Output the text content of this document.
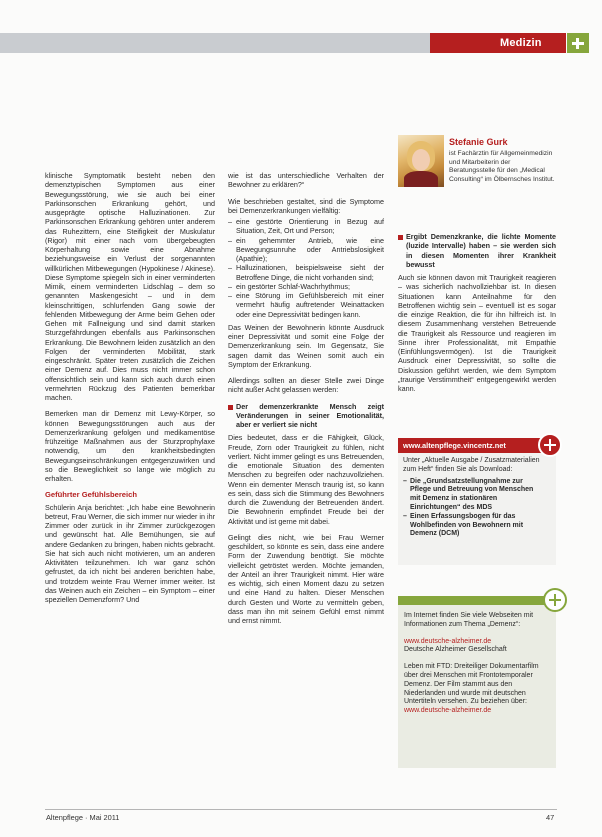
Medizin
Stefanie Gurk
ist Fachärztin für Allgemeinmedizin und Mitarbeiterin der Beratungsstelle für den „Medical Consulting“ im Ölbernsches Institut.

klinische Symptomatik besteht neben den demenztypischen Symptomen aus einer Bewegungsstörung, wie sie auch bei einer Parkinsonschen Erkrankung gehört, und ausgeprägte optische Halluzinationen. Zur Parkinsonschen Erkrankung gehören unter anderem das Ruhezittern, eine Steifigkeit der Muskulatur (Rigor) mit einer nach vorn übergebeugten Körperhaltung sowie eine Abnahme beziehungsweise ein Verlust der sorgenannten willkürlichen Mitbewegungen (Hypokinese / Akinese). Diese Symptome spiegeln sich in einer verminderten Mimik, einem verminderten Lidschlag – dem so genannten Maskengesicht – und in dem kleinschrittigen, schlurfenden Gang sowie der fehlenden Mitbewegung der Arme beim Gehen oder Gehen mit Fallneigung und sind damit starken Sturzgefährdungen ebenfalls aus Parkinsonschen Erkrankung. Die Bewohnern leiden zusätzlich an den Folgen der verminderten Mobilität, stark eingeschränkt. Später treten zusätzlich die Zeichen einer Demenz auf. Dies muss nicht immer schon offensichtlich sein und kann sich auch durch einen vermehrten Rückzug des Patienten bemerkbar machen.

Bemerken man dir Demenz mit Lewy-Körper, so können Bewegungsstörungen auch aus der Demenzerkrankung gefolgen und medikamentöse frühzeitige Maßnahmen aus der Sturzprophylaxe notwendig, um den krankheitsbedingten Bewegungseinschränkungen entgegenzuwirken und so die Beweglichkeit so lange wie möglich zu erhalten.

Geführter Gefühlsbereich

Schülerin Anja berichtet: „Ich habe eine Bewohnerin betreut, Frau Werner, die sich immer nur wieder in ihr Zimmer oder zurück in ihr Zimmer zurückgezogen und gewünscht hat. Alle Bemühungen, sie auf andere Gedanken zu bringen, haben nichts gebracht. Sie hat sich auch nicht motivieren, um an anderen Aktivitäten teilzunehmen. Ich war ganz schön gefrustet, da ich nicht bei anderen berichten habe, und trotzdem weinte Frau Werner immer weiter. Ist das Weinen auch ein Zeichen – ein Symptom – einer speziellen Demenzform? Und

wie ist das unterschiedliche Verhalten der Bewohner zu erklären?“

Wie beschrieben gestaltet, sind die Symptome bei Demenzerkrankungen vielfältig:

– eine gestörte Orientierung in Bezug auf Situation, Zeit, Ort und Person;
– ein gehemmter Antrieb, wie eine Bewegungsunruhe oder Antriebslosigkeit (Apathie);
– Halluzinationen, beispielsweise sieht der Betroffene Dinge, die nicht vorhanden sind;
– ein gestörter Schlaf-Wachrhythmus;
– eine Störung im Gefühlsbereich mit einer vermehrt häufig auftretender Weinattacken oder eine Depressivität bedingen kann.

Das Weinen der Bewohnerin könnte Ausdruck einer Depressivität und somit eine Folge der Demenzerkrankung sein. Im Gegensatz, Sie sagen damit das Weinen somit auch ein Symptom der Erkrankung.

Allerdings sollten an dieser Stelle zwei Dinge nicht außer Acht gelassen werden:

Der demenzerkrankte Mensch zeigt Veränderungen in seiner Emotionalität, aber er verliert sie nicht

Dies bedeutet, dass er die Fähigkeit, Glück, Freude, Zorn oder Traurigkeit zu fühlen, nicht verliert. Nicht immer gelingt es uns Betreuenden, die emotionale Situation des dementen Menschen zu begreifen oder nachzuvollziehen. Wenn ein dementer Mensch traurig ist, so kann es sein, dass sich die Stimmung des Bewohners durch die Zuwendung der Betreuenden ändert. Die Bewohnerin empfindet Freude bei der Aktivität und ist gerne mit dabei.

Gelingt dies nicht, wie bei Frau Werner geschildert, so könnte es sein, dass eine andere Form der Zuwendung benötigt. Sie möchte vielleicht getröstet werden. Möchte jemanden, der Anteil an ihrer Traurigkeit nimmt. Hier wäre es wichtig, sich einen Moment dazu zu setzen und eine Hand zu halten. Dieser Menschen durch Gesten und Worte zu vermitteln geben, dass man ihn mit seinem Gefühl ernst nimmt und ernst nimmt.

Ergibt Demenzkranke, die lichte Momente (luzide Intervalle) haben – sie werden sich in diesen Momenten ihrer Krankheit bewusst

Auch sie können davon mit Traurigkeit reagieren – was sicherlich nachvollziehbar ist. In diesen Situationen kann Anteilnahme für den Betroffenen wichtig sein – eventuell ist es sogar die einzige Reaktion, die für ihn hilfreich ist. In diesem Zusammenhang verstehen Betreuende die Traurigkeit als Ressource und reagieren im Sinne ihrer Professionalität, mit Empathie (Einfühlungsvermögen). Ist die Traurigkeit Ausdruck einer Depressivität, so sollte die Diskussion geführt werden, wie dem Symptom „traurige Verstimmtheit“ entgegengewirkt werden kann.

www.altenpflege.vincentz.net
Unter „Aktuelle Ausgabe / Zusatzmaterialien zum Heft“ finden Sie als Download:
– Die „Grundsatzstellungnahme zur Pflege und Betreuung von Menschen mit Demenz in stationären Einrichtungen“ des MDS
– Einen Erfassungsbogen für das Wohlbefinden von Bewohnern mit Demenz (DCM)

Im Internet finden Sie viele Webseiten mit Informationen zum Thema „Demenz“:

www.deutsche-alzheimer.de

Deutsche Alzheimer Gesellschaft

Leben mit FTD: Dreiteiliger Dokumentarfilm über drei Menschen mit Frontotemporaler Demenz. Der Film stammt aus den Niederlanden und wurde mit deutschen Untertiteln versehen. Zu beziehen über: www.deutsche-alzheimer.de

Altenpflege · Mai 2011	47
